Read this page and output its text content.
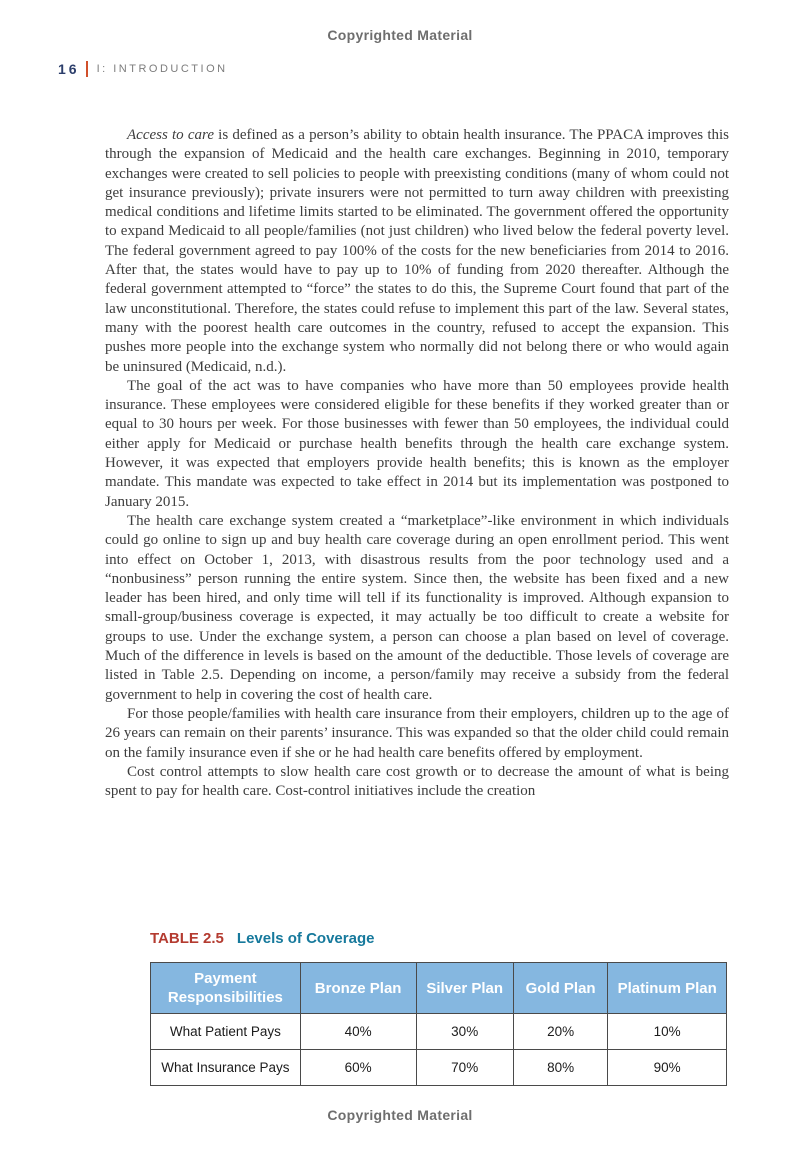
Copyrighted Material
16 I: INTRODUCTION

Access to care is defined as a person’s ability to obtain health insurance. The PPACA improves this through the expansion of Medicaid and the health care exchanges. Beginning in 2010, temporary exchanges were created to sell policies to people with preexisting conditions (many of whom could not get insurance previously); private insurers were not permitted to turn away children with preexisting medical conditions and lifetime limits started to be eliminated. The government offered the opportunity to expand Medicaid to all people/families (not just children) who lived below the federal poverty level. The federal government agreed to pay 100% of the costs for the new beneficiaries from 2014 to 2016. After that, the states would have to pay up to 10% of funding from 2020 thereafter. Although the federal government attempted to “force” the states to do this, the Supreme Court found that part of the law unconstitutional. Therefore, the states could refuse to implement this part of the law. Several states, many with the poorest health care outcomes in the country, refused to accept the expansion. This pushes more people into the exchange system who normally did not belong there or who would again be uninsured (Medicaid, n.d.).

The goal of the act was to have companies who have more than 50 employees provide health insurance. These employees were considered eligible for these benefits if they worked greater than or equal to 30 hours per week. For those businesses with fewer than 50 employees, the individual could either apply for Medicaid or purchase health benefits through the health care exchange system. However, it was expected that employers provide health benefits; this is known as the employer mandate. This mandate was expected to take effect in 2014 but its implementation was postponed to January 2015.

The health care exchange system created a “marketplace”-like environment in which individuals could go online to sign up and buy health care coverage during an open enrollment period. This went into effect on October 1, 2013, with disastrous results from the poor technology used and a “nonbusiness” person running the entire system. Since then, the website has been fixed and a new leader has been hired, and only time will tell if its functionality is improved. Although expansion to small-group/business coverage is expected, it may actually be too difficult to create a website for groups to use. Under the exchange system, a person can choose a plan based on level of coverage. Much of the difference in levels is based on the amount of the deductible. Those levels of coverage are listed in Table 2.5. Depending on income, a person/family may receive a subsidy from the federal government to help in covering the cost of health care.

For those people/families with health care insurance from their employers, children up to the age of 26 years can remain on their parents’ insurance. This was expanded so that the older child could remain on the family insurance even if she or he had health care benefits offered by employment.

Cost control attempts to slow health care cost growth or to decrease the amount of what is being spent to pay for health care. Cost-control initiatives include the creation

TABLE 2.5 Levels of Coverage
Payment Responsibilities	Bronze Plan	Silver Plan	Gold Plan	Platinum Plan
What Patient Pays	40%	30%	20%	10%
What Insurance Pays	60%	70%	80%	90%
Copyrighted Material
